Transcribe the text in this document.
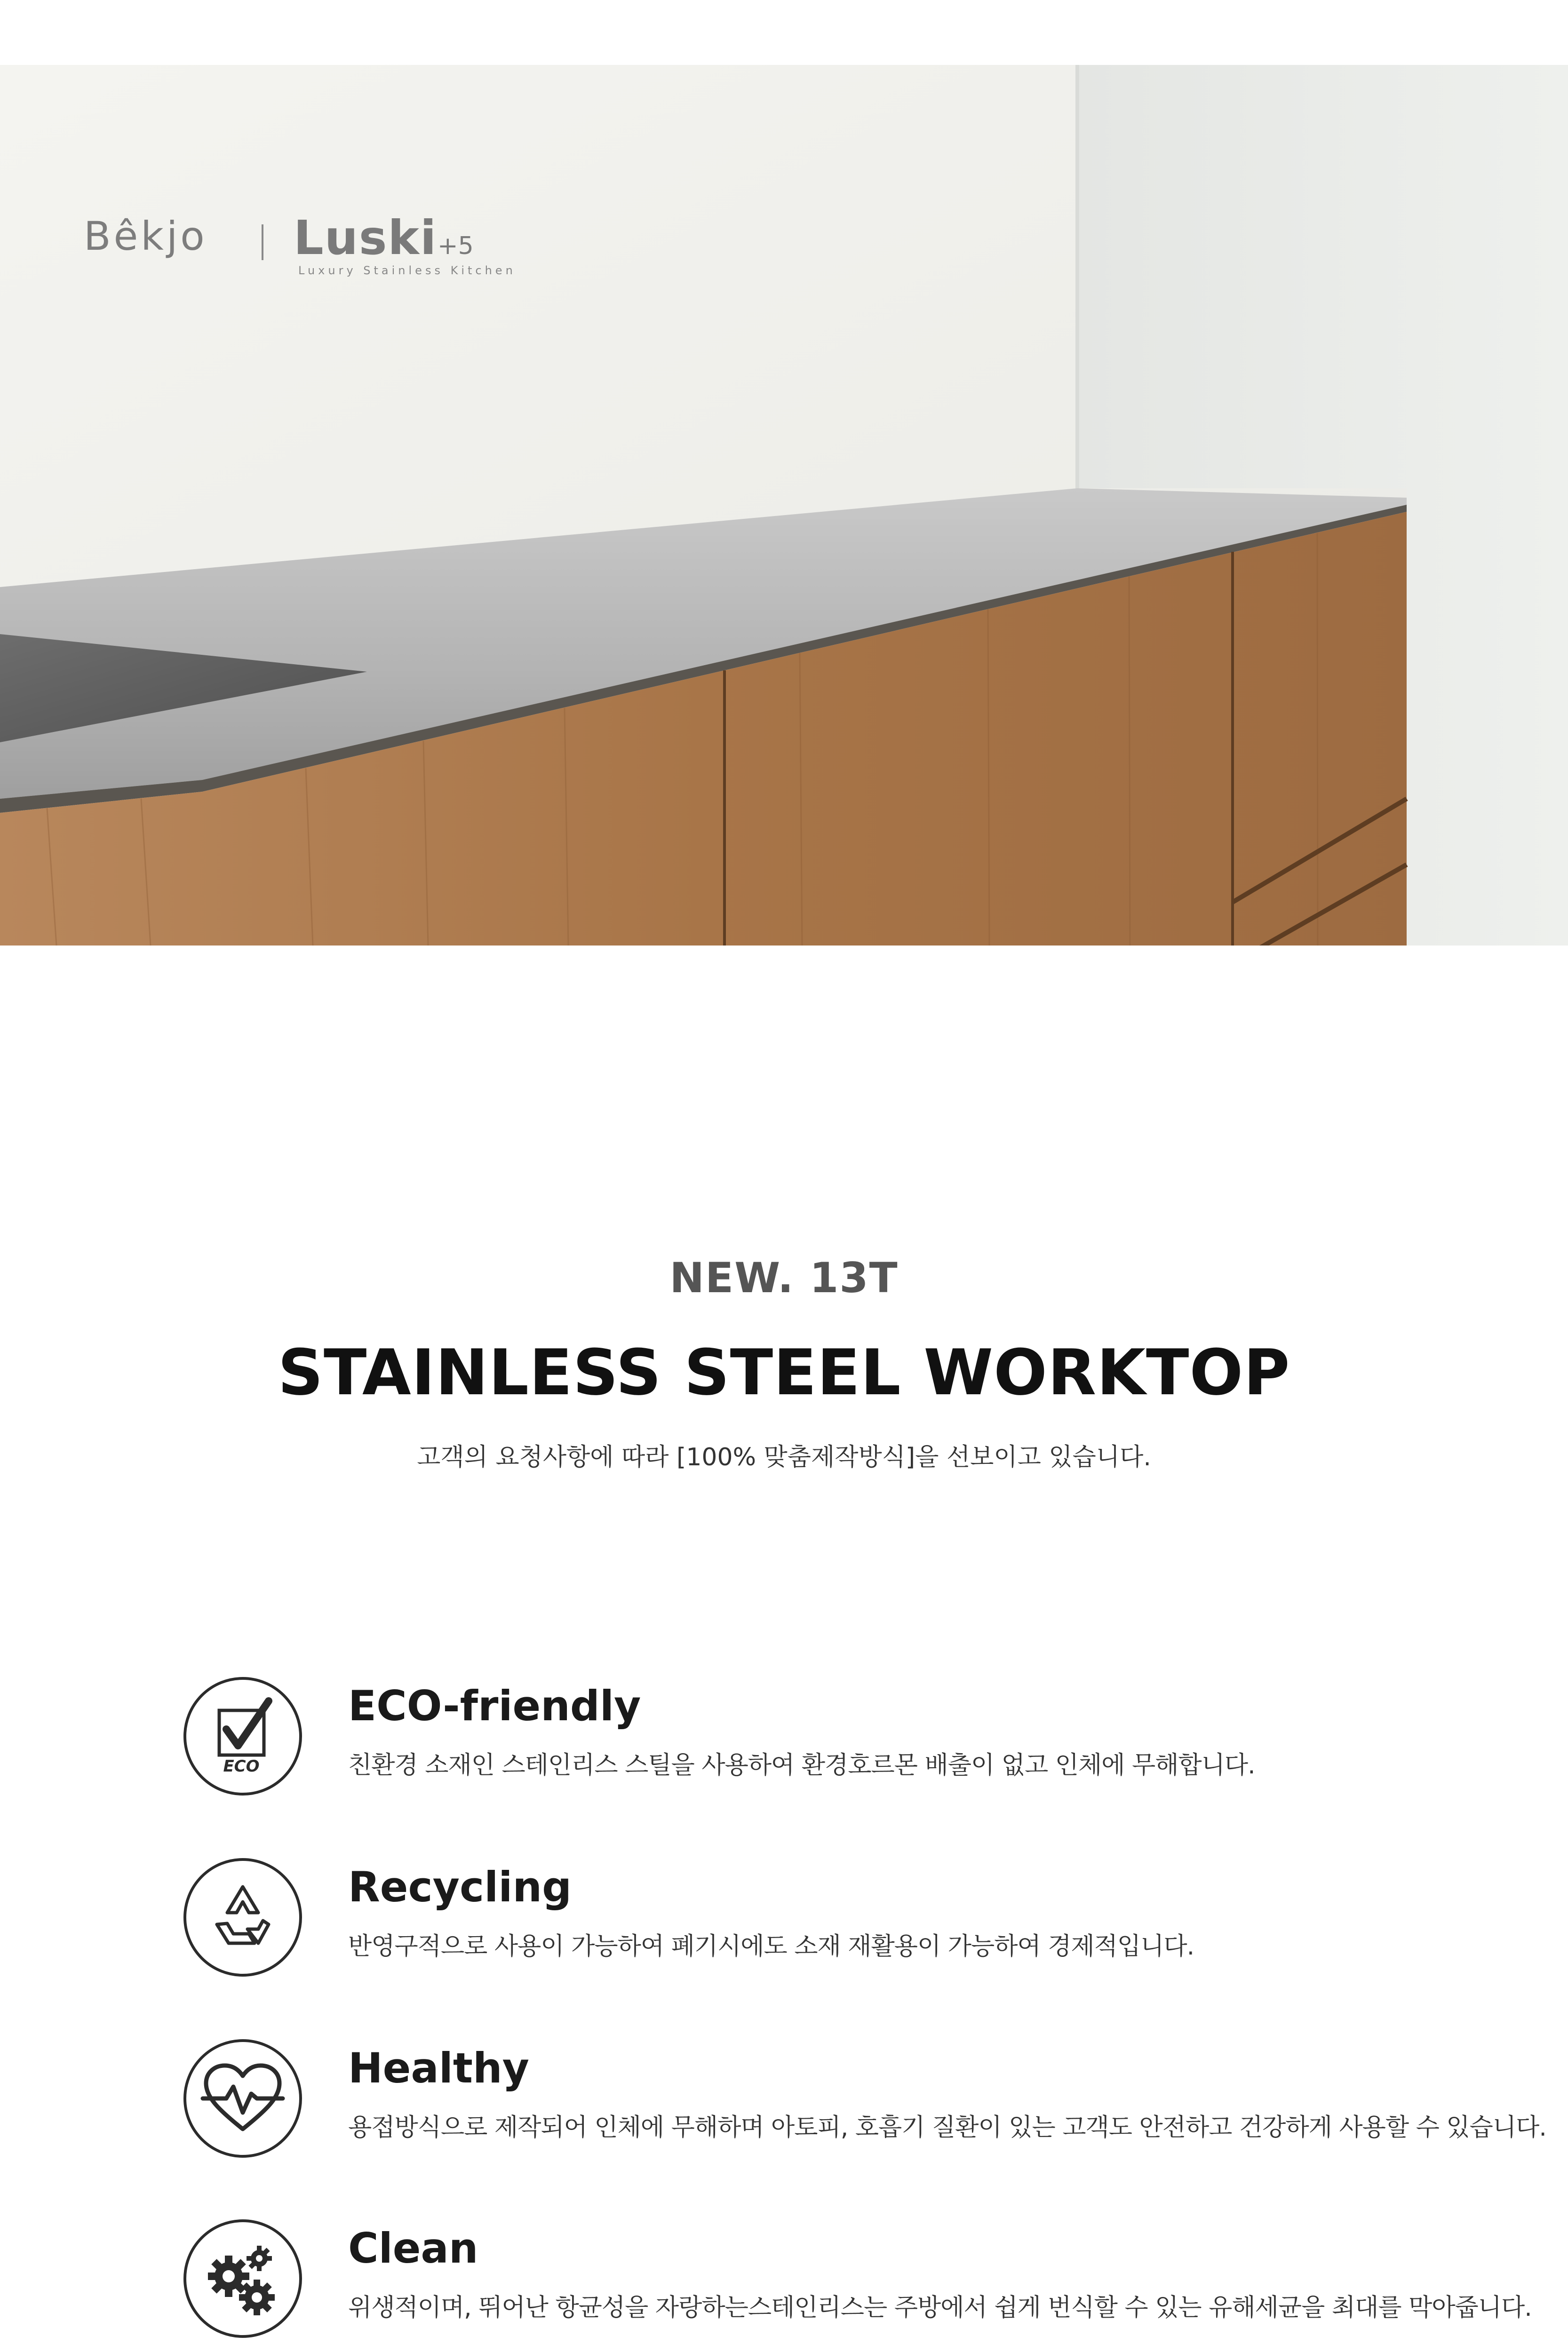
Bêkjo Luski +5
Luxury Stainless Kitchen
NEW. 13T
STAINLESS STEEL WORKTOP
고객의 요청사항에 따라 [100% 맞춤제작방식]을 선보이고 있습니다.
ECO
ECO-friendly
친환경 소재인 스테인리스 스틸을 사용하여 환경호르몬 배출이 없고 인체에 무해합니다.
Recycling
반영구적으로 사용이 가능하여 폐기시에도 소재 재활용이 가능하여 경제적입니다.
Healthy
용접방식으로 제작되어 인체에 무해하며 아토피, 호흡기 질환이 있는 고객도 안전하고 건강하게 사용할 수 있습니다.
Clean
위생적이며, 뛰어난 항균성을 자랑하는스테인리스는 주방에서 쉽게 번식할 수 있는 유해세균을 최대를 막아줍니다.
